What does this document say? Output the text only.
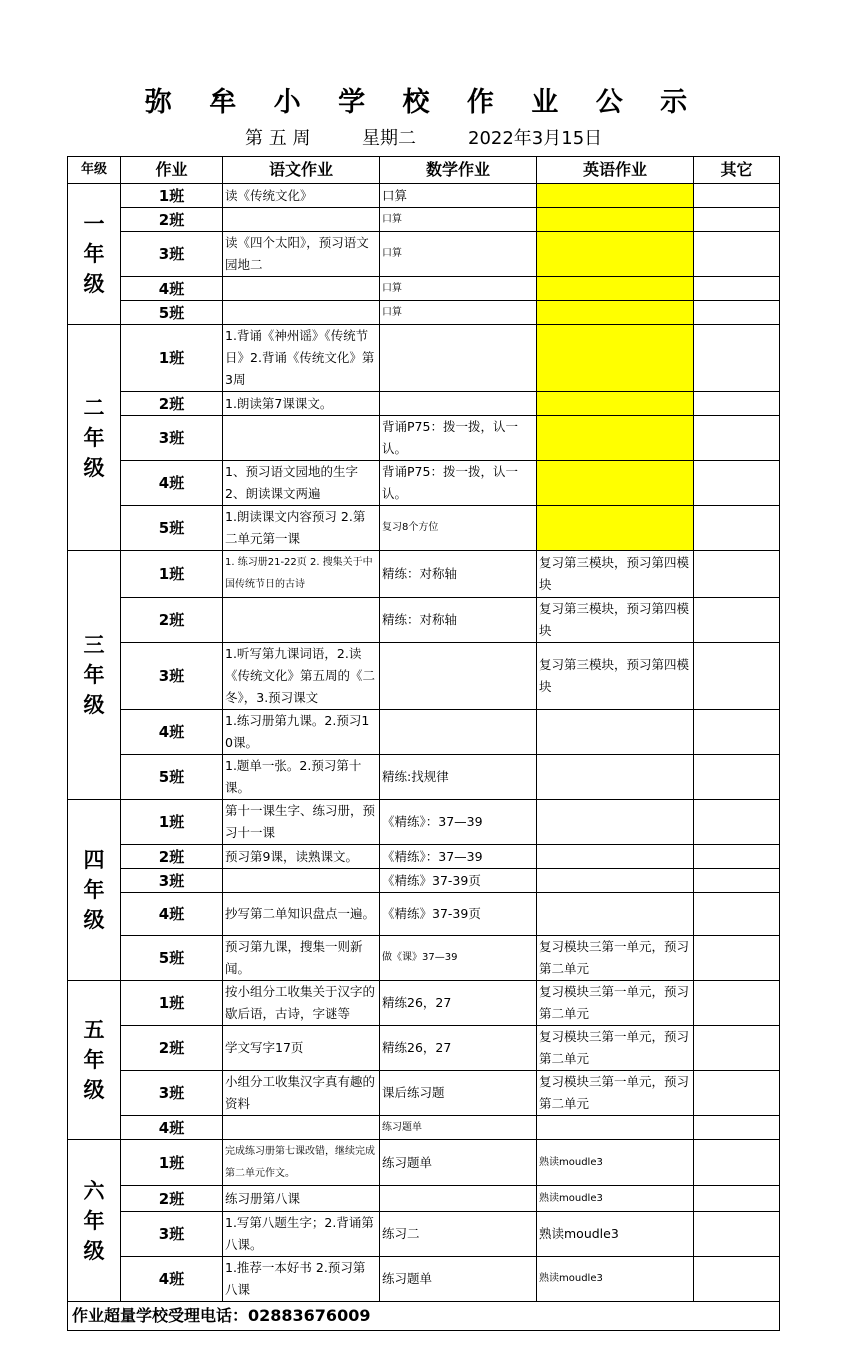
弥 牟 小 学 校 作 业 公 示
第 五 周	星期二	2022年3月15日
年级	作业	语文作业	数学作业	英语作业	其它

一
年
级	1班	读《传统文化》	口算		
	2班		口算		
	3班	读《四个太阳》，预习语文园地二	口算		
	4班		口算		
	5班		口算		

二
年
级	1班	1.背诵《神州谣》《传统节日》2.背诵《传统文化》第3周			
	2班	1.朗读第7课课文。			
	3班		背诵P75：拨一拨，认一认。		
	4班	1、预习语文园地的生字2、朗读课文两遍	背诵P75：拨一拨，认一认。		
	5班	1.朗读课文内容预习 2.第二单元第一课	复习8个方位		

三
年
级	1班	1. 练习册21-22页 2. 搜集关于中国传统节日的古诗	精练：对称轴	复习第三模块，预习第四模块	
	2班		精练：对称轴	复习第三模块，预习第四模块	
	3班	1.听写第九课词语，2.读《传统文化》第五周的《二冬》，3.预习课文		复习第三模块，预习第四模块	
	4班	1.练习册第九课。2.预习10课。			
	5班	1.题单一张。2.预习第十课。	精练:找规律		

四
年
级	1班	第十一课生字、练习册，预习十一课	《精练》：37—39		
	2班	预习第9课，读熟课文。	《精练》：37—39		
	3班		《精练》37-39页		
	4班	抄写第二单知识盘点一遍。	《精练》37-39页		
	5班	预习第九课，搜集一则新闻。	做《课》37—39	复习模块三第一单元，预习第二单元	

五
年
级	1班	按小组分工收集关于汉字的歇后语，古诗，字谜等	精练26，27	复习模块三第一单元，预习第二单元	
	2班	学文写字17页	精练26，27	复习模块三第一单元，预习第二单元	
	3班	小组分工收集汉字真有趣的资料	课后练习题	复习模块三第一单元，预习第二单元	
	4班		练习题单		

六
年
级	1班	完成练习册第七课改错，继续完成第二单元作文。	练习题单	熟读moudle3	
	2班	练习册第八课		熟读moudle3	
	3班	1.写第八题生字；2.背诵第八课。	练习二	熟读moudle3	
	4班	1.推荐一本好书 2.预习第八课	练习题单	熟读moudle3	
作业超量学校受理电话：02883676009					
